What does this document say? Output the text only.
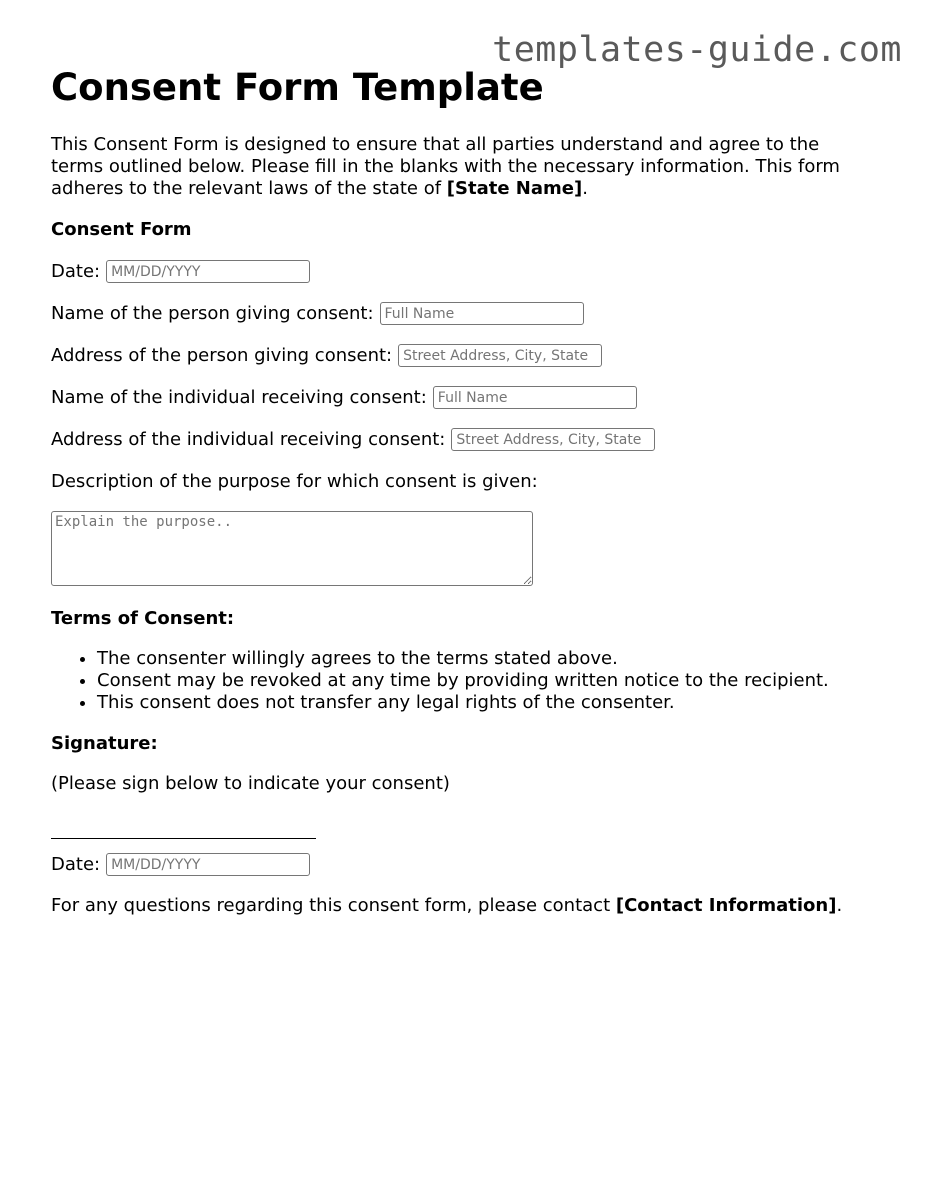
templates-guide.com
Consent Form Template

This Consent Form is designed to ensure that all parties understand and agree to the terms outlined below. Please fill in the blanks with the necessary information. This form adheres to the relevant laws of the state of [State Name].

Consent Form
Date:
MM/DD/YYYY
Name of the person giving consent:
Full Name
Address of the person giving consent:
Street Address, City, State
Name of the individual receiving consent:
Full Name
Address of the individual receiving consent:
Street Address, City, State
Description of the purpose for which consent is given:
Explain the purpose..
Terms of Consent:
• The consenter willingly agrees to the terms stated above.
• Consent may be revoked at any time by providing written notice to the recipient.
• This consent does not transfer any legal rights of the consenter.
Signature:
(Please sign below to indicate your consent)
Date:
MM/DD/YYYY

For any questions regarding this consent form, please contact [Contact Information].
